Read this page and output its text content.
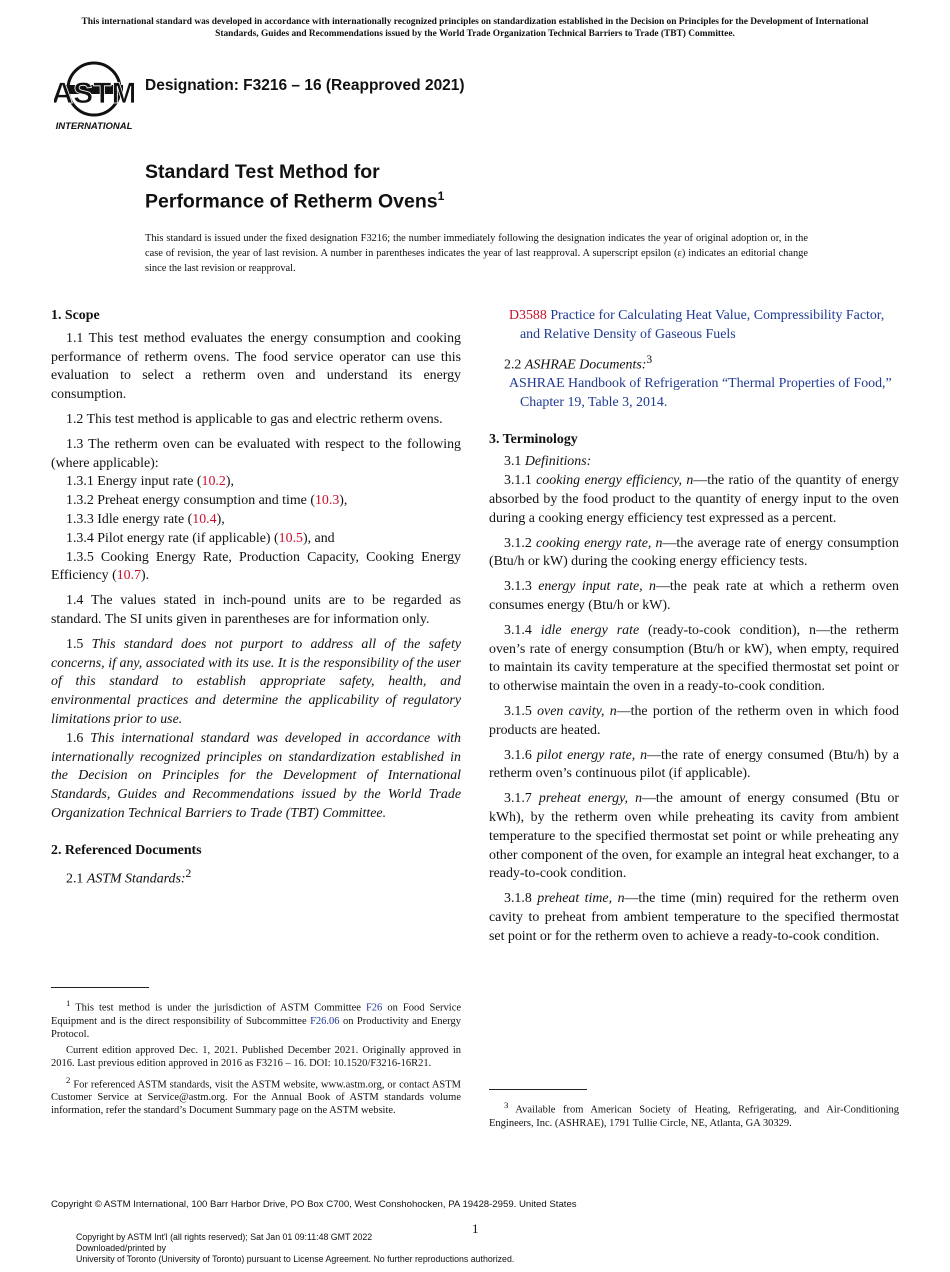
This international standard was developed in accordance with internationally recognized principles on standardization established in the Decision on Principles for the Development of International Standards, Guides and Recommendations issued by the World Trade Organization Technical Barriers to Trade (TBT) Committee.
ASTM
INTERNATIONAL
Designation: F3216 – 16 (Reapproved 2021)
Standard Test Method for
Performance of Retherm Ovens$^1$
This standard is issued under the fixed designation F3216; the number immediately following the designation indicates the year of original adoption or, in the case of revision, the year of last revision. A number in parentheses indicates the year of last reapproval. A superscript epsilon (ε) indicates an editorial change since the last revision or reapproval.

1. Scope

1.1 This test method evaluates the energy consumption and cooking performance of retherm ovens. The food service operator can use this evaluation to select a retherm oven and understand its energy consumption.

1.2 This test method is applicable to gas and electric retherm ovens.

1.3 The retherm oven can be evaluated with respect to the following (where applicable):

1.3.1 Energy input rate (10.2),

1.3.2 Preheat energy consumption and time (10.3),

1.3.3 Idle energy rate (10.4),

1.3.4 Pilot energy rate (if applicable) (10.5), and

1.3.5 Cooking Energy Rate, Production Capacity, Cooking Energy Efficiency (10.7).

1.4 The values stated in inch-pound units are to be regarded as standard. The SI units given in parentheses are for information only.

1.5 This standard does not purport to address all of the safety concerns, if any, associated with its use. It is the responsibility of the user of this standard to establish appropriate safety, health, and environmental practices and determine the applicability of regulatory limitations prior to use.

1.6 This international standard was developed in accordance with internationally recognized principles on standardization established in the Decision on Principles for the Development of International Standards, Guides and Recommendations issued by the World Trade Organization Technical Barriers to Trade (TBT) Committee.

2. Referenced Documents

2.1 ASTM Standards:$^2$

D3588 Practice for Calculating Heat Value, Compressibility Factor, and Relative Density of Gaseous Fuels

2.2 ASHRAE Documents:$^3$

ASHRAE Handbook of Refrigeration “Thermal Properties of Food,” Chapter 19, Table 3, 2014.

3. Terminology

3.1 Definitions:

3.1.1 cooking energy efficiency, n—the ratio of the quantity of energy absorbed by the food product to the quantity of energy input to the oven during a cooking energy efficiency test expressed as a percent.

3.1.2 cooking energy rate, n—the average rate of energy consumption (Btu/h or kW) during the cooking energy efficiency tests.

3.1.3 energy input rate, n—the peak rate at which a retherm oven consumes energy (Btu/h or kW).

3.1.4 idle energy rate (ready-to-cook condition), n—the retherm oven’s rate of energy consumption (Btu/h or kW), when empty, required to maintain its cavity temperature at the specified thermostat set point or to otherwise maintain the oven in a ready-to-cook condition.

3.1.5 oven cavity, n—the portion of the retherm oven in which food products are heated.

3.1.6 pilot energy rate, n—the rate of energy consumed (Btu/h) by a retherm oven’s continuous pilot (if applicable).

3.1.7 preheat energy, n—the amount of energy consumed (Btu or kWh), by the retherm oven while preheating its cavity from ambient temperature to the specified thermostat set point or while preheating any other component of the oven, for example an integral heat exchanger, to a ready-to-cook condition.

3.1.8 preheat time, n—the time (min) required for the retherm oven cavity to preheat from ambient temperature to the specified thermostat set point or for the retherm oven to achieve a ready-to-cook condition.

$^1$ This test method is under the jurisdiction of ASTM Committee F26 on Food Service Equipment and is the direct responsibility of Subcommittee F26.06 on Productivity and Energy Protocol.

Current edition approved Dec. 1, 2021. Published December 2021. Originally approved in 2016. Last previous edition approved in 2016 as F3216 – 16. DOI: 10.1520/F3216-16R21.

$^2$ For referenced ASTM standards, visit the ASTM website, www.astm.org, or contact ASTM Customer Service at Service@astm.org. For the Annual Book of ASTM standards volume information, refer the standard’s Document Summary page on the ASTM website.

$^3$ Available from American Society of Heating, Refrigerating, and Air-Conditioning Engineers, Inc. (ASHRAE), 1791 Tullie Circle, NE, Atlanta, GA 30329.

Copyright © ASTM International, 100 Barr Harbor Drive, PO Box C700, West Conshohocken, PA 19428-2959. United States
1
Copyright by ASTM Int'l (all rights reserved); Sat Jan 01 09:11:48 GMT 2022
Downloaded/printed by
University of Toronto (University of Toronto) pursuant to License Agreement. No further reproductions authorized.
